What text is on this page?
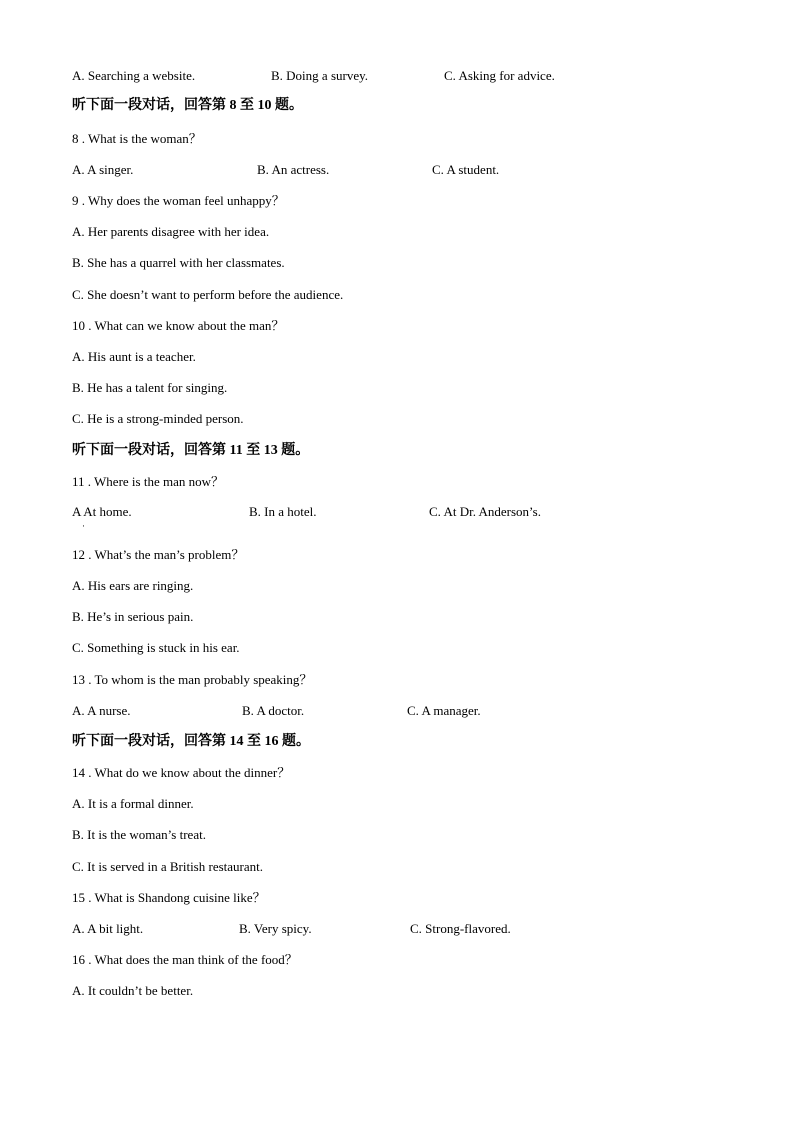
A. Searching a website.	B. Doing a survey.	C. Asking for advice.
听下面一段对话，回答第 8 至 10 题。
8 . What is the woman？
A. A singer.	B. An actress.	C. A student.
9 . Why does the woman feel unhappy？
A. Her parents disagree with her idea.
B. She has a quarrel with her classmates.
C. She doesn’t want to perform before the audience.
10 . What can we know about the man？
A. His aunt is a teacher.
B. He has a talent for singing.
C. He is a strong-minded person.
听下面一段对话，回答第 11 至 13 题。
11 . Where is the man now？
A At home.	B. In a hotel.	C. At Dr. Anderson’s.
·
12 . What’s the man’s problem？
A. His ears are ringing.
B. He’s in serious pain.
C. Something is stuck in his ear.
13 . To whom is the man probably speaking？
A. A nurse.	B. A doctor.	C. A manager.
听下面一段对话，回答第 14 至 16 题。
14 . What do we know about the dinner？
A. It is a formal dinner.
B. It is the woman’s treat.
C. It is served in a British restaurant.
15 . What is Shandong cuisine like？
A. A bit light.	B. Very spicy.	C. Strong-flavored.
16 . What does the man think of the food？
A. It couldn’t be better.
